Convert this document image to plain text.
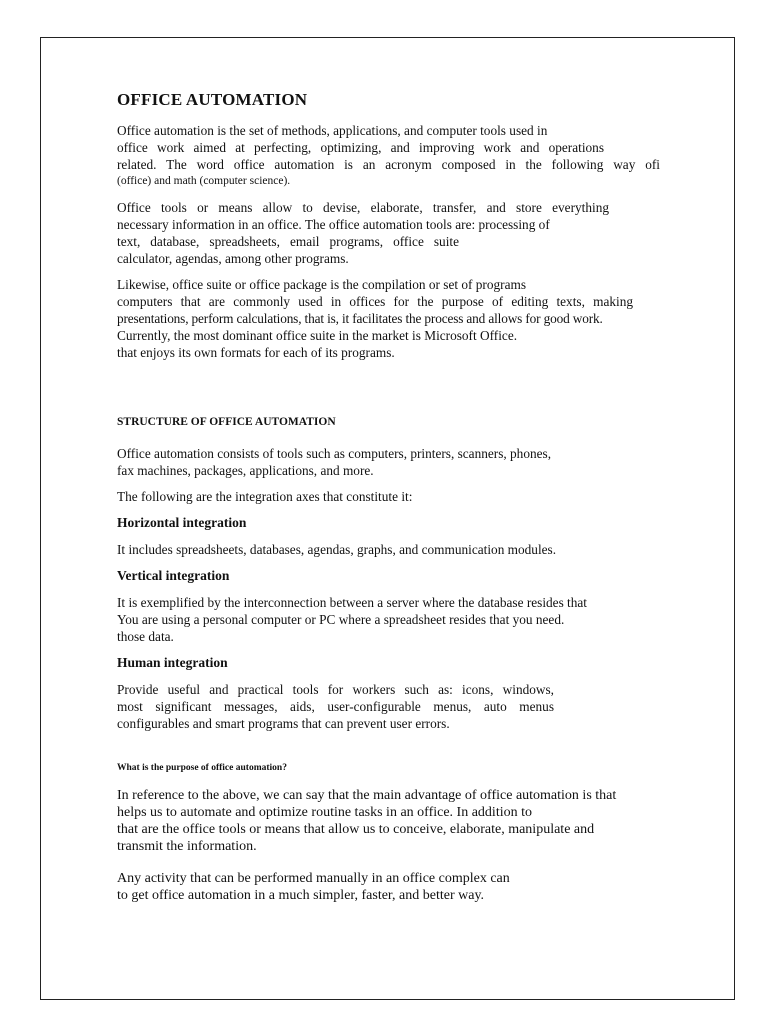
OFFICE AUTOMATION
Office automation is the set of methods, applications, and computer tools used in
office work aimed at perfecting, optimizing, and improving work and operations
related. The word office automation is an acronym composed in the following way ofi
(office) and math (computer science).
Office tools or means allow to devise, elaborate, transfer, and store everything
necessary information in an office. The office automation tools are: processing of
text, database, spreadsheets, email programs, office suite
calculator, agendas, among other programs.
Likewise, office suite or office package is the compilation or set of programs
computers that are commonly used in offices for the purpose of editing texts, making
presentations, perform calculations, that is, it facilitates the process and allows for good work.
Currently, the most dominant office suite in the market is Microsoft Office.
that enjoys its own formats for each of its programs.
STRUCTURE OF OFFICE AUTOMATION
Office automation consists of tools such as computers, printers, scanners, phones,
fax machines, packages, applications, and more.
The following are the integration axes that constitute it:
Horizontal integration
It includes spreadsheets, databases, agendas, graphs, and communication modules.
Vertical integration
It is exemplified by the interconnection between a server where the database resides that
You are using a personal computer or PC where a spreadsheet resides that you need.
those data.
Human integration
Provide useful and practical tools for workers such as: icons, windows,
most significant messages, aids, user-configurable menus, auto menus
configurables and smart programs that can prevent user errors.
What is the purpose of office automation?
In reference to the above, we can say that the main advantage of office automation is that
helps us to automate and optimize routine tasks in an office. In addition to
that are the office tools or means that allow us to conceive, elaborate, manipulate and
transmit the information.
Any activity that can be performed manually in an office complex can
to get office automation in a much simpler, faster, and better way.
